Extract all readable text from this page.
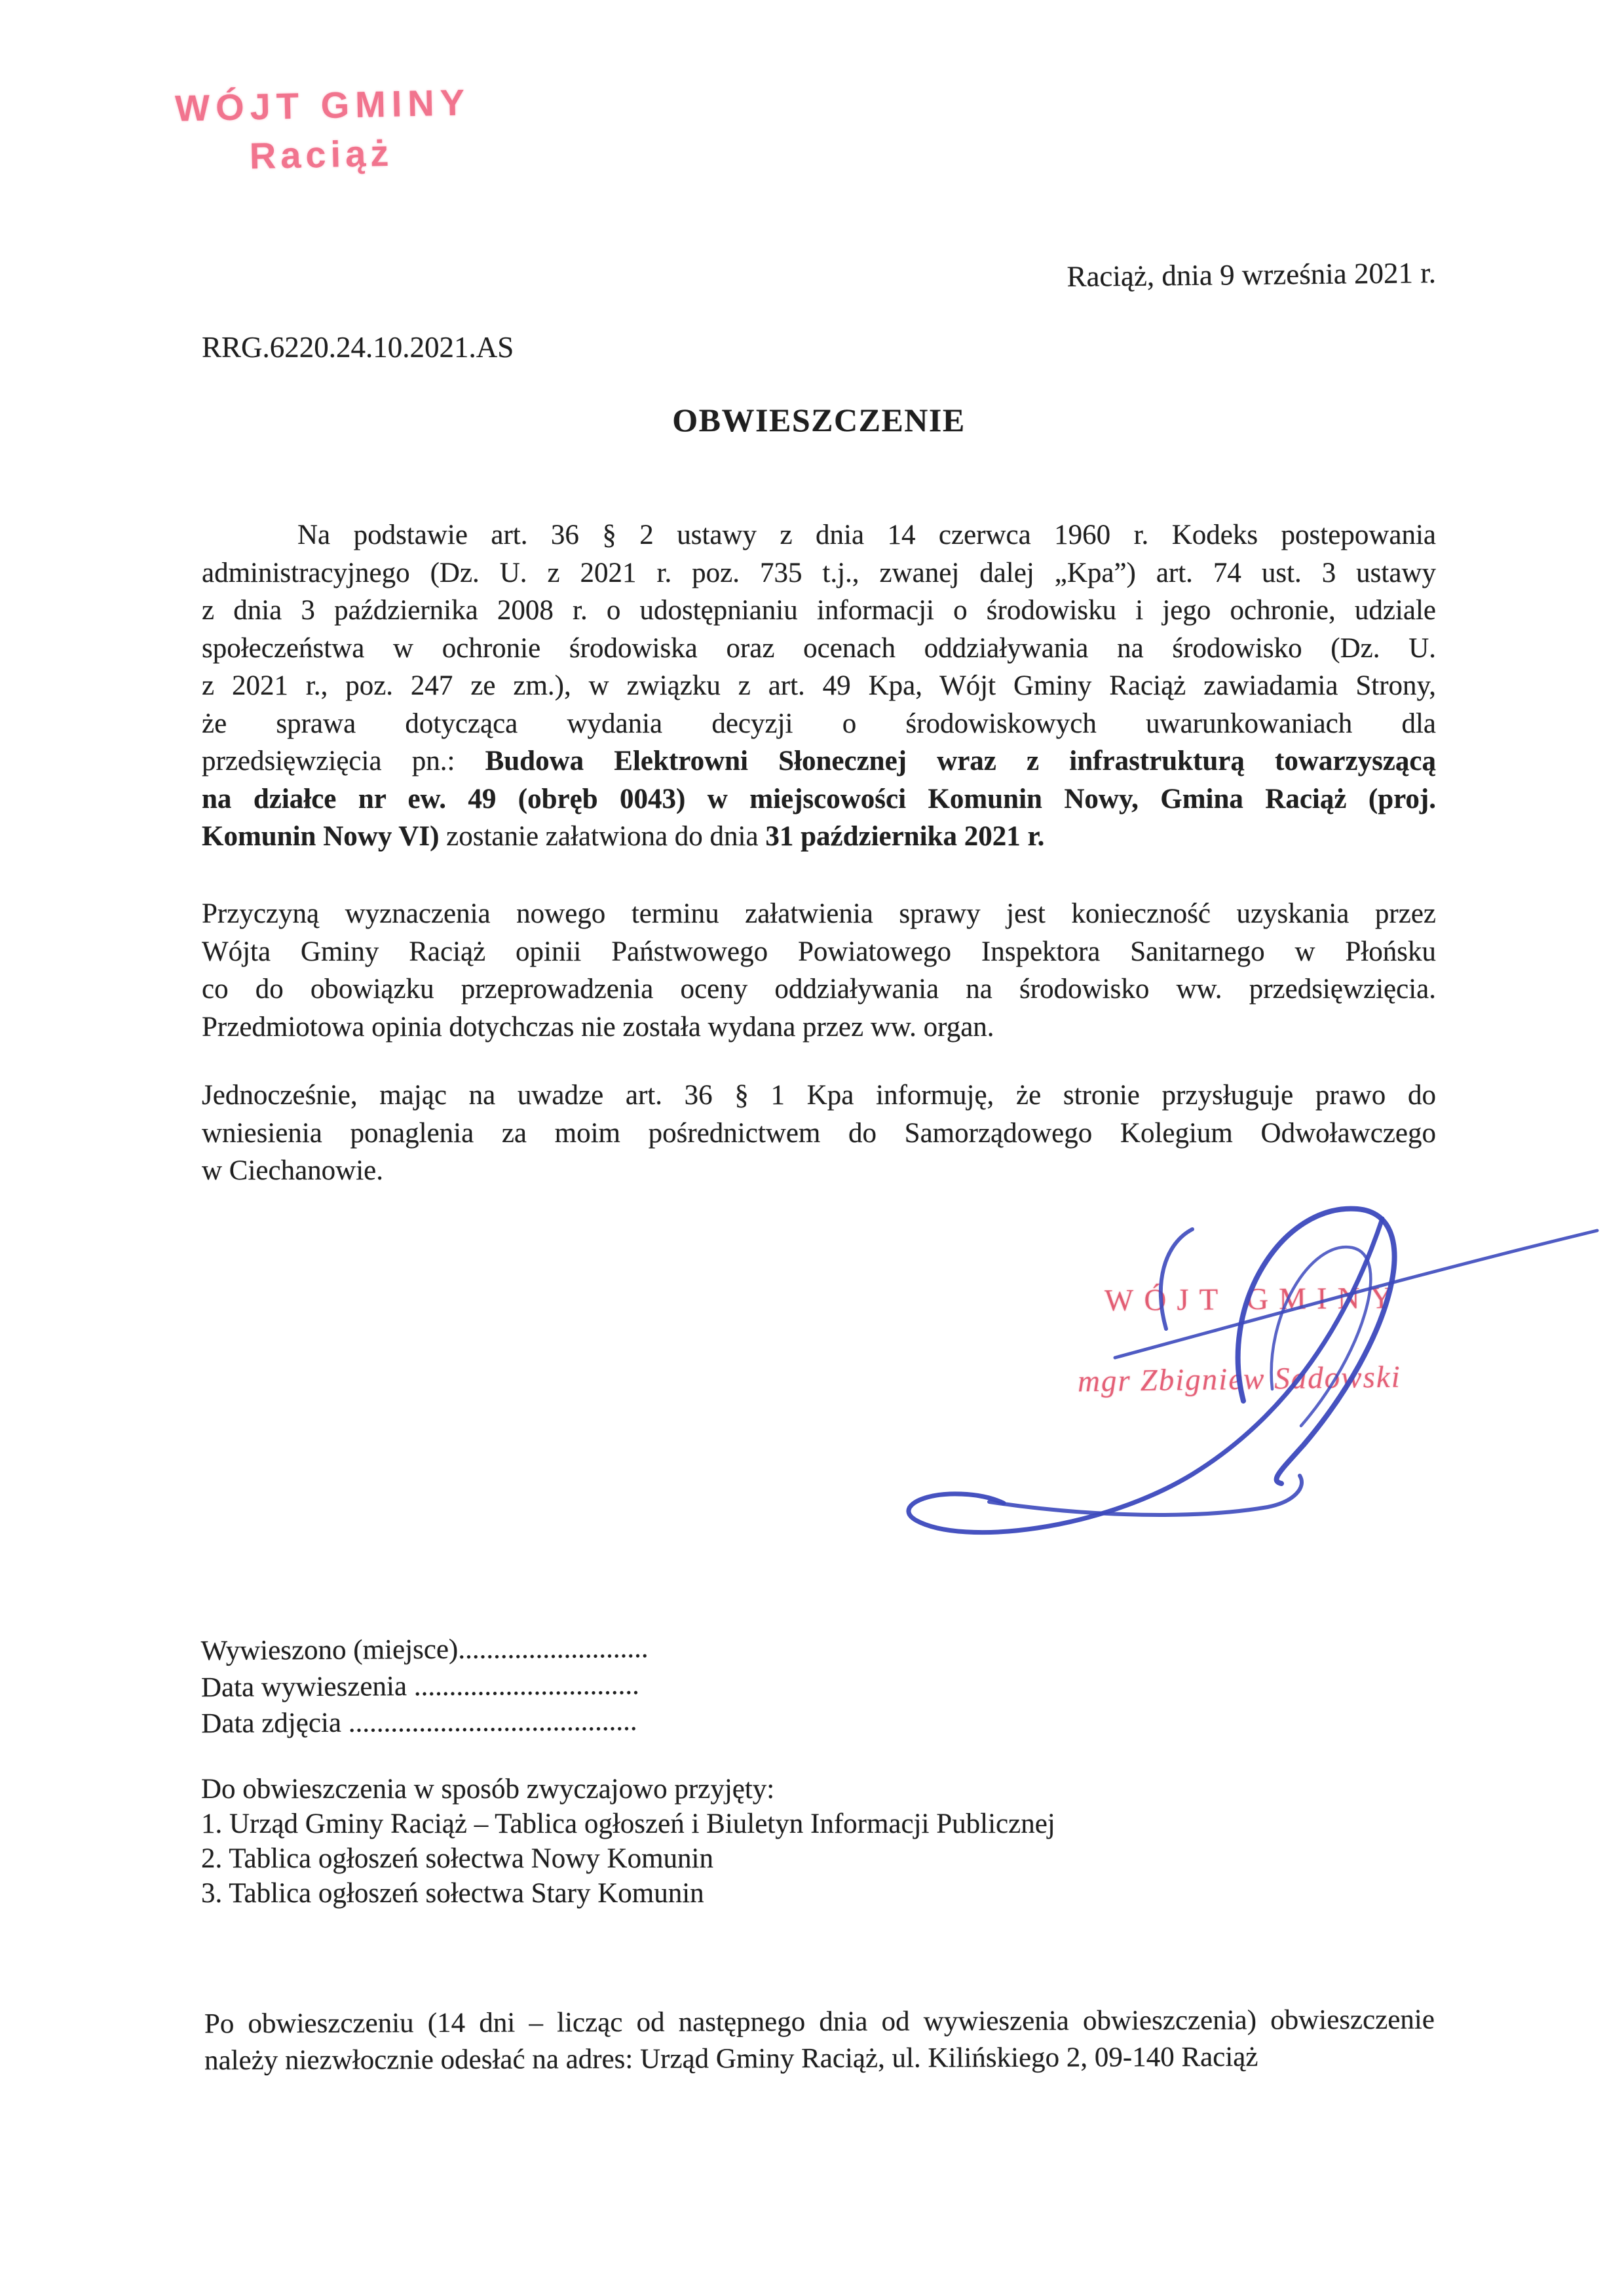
WÓJT GMINY
Raciąż
Raciąż, dnia 9 września 2021 r.
RRG.6220.24.10.2021.AS
OBWIESZCZENIE
Na podstawie art. 36 § 2 ustawy z dnia 14 czerwca 1960 r. Kodeks postepowania
administracyjnego (Dz. U. z 2021 r. poz. 735 t.j., zwanej dalej „Kpa”) art. 74 ust. 3 ustawy
z dnia 3 października 2008 r. o udostępnianiu informacji o środowisku i jego ochronie, udziale
społeczeństwa w ochronie środowiska oraz ocenach oddziaływania na środowisko (Dz. U.
z 2021 r., poz. 247 ze zm.), w związku z art. 49 Kpa, Wójt Gminy Raciąż zawiadamia Strony,
że sprawa dotycząca wydania decyzji o środowiskowych uwarunkowaniach dla
przedsięwzięcia pn.: Budowa Elektrowni Słonecznej wraz z infrastrukturą towarzyszącą
na działce nr ew. 49 (obręb 0043) w miejscowości Komunin Nowy, Gmina Raciąż (proj.
Komunin Nowy VI) zostanie załatwiona do dnia 31 października 2021 r.
Przyczyną wyznaczenia nowego terminu załatwienia sprawy jest konieczność uzyskania przez
Wójta Gminy Raciąż opinii Państwowego Powiatowego Inspektora Sanitarnego w Płońsku
co do obowiązku przeprowadzenia oceny oddziaływania na środowisko ww. przedsięwzięcia.
Przedmiotowa opinia dotychczas nie została wydana przez ww. organ.
Jednocześnie, mając na uwadze art. 36 § 1 Kpa informuję, że stronie przysługuje prawo do
wniesienia ponaglenia za moim pośrednictwem do Samorządowego Kolegium Odwoławczego
w Ciechanowie.
WÓJT GMINY
mgr Zbigniew Sadowski
Wywieszono (miejsce)...........................
Data wywieszenia ................................
Data zdjęcia .........................................
Do obwieszczenia w sposób zwyczajowo przyjęty:
1. Urząd Gminy Raciąż – Tablica ogłoszeń i Biuletyn Informacji Publicznej
2. Tablica ogłoszeń sołectwa Nowy Komunin
3. Tablica ogłoszeń sołectwa Stary Komunin
Po obwieszczeniu (14 dni – licząc od następnego dnia od wywieszenia obwieszczenia) obwieszczenie
należy niezwłocznie odesłać na adres: Urząd Gminy Raciąż, ul. Kilińskiego 2, 09-140 Raciąż
